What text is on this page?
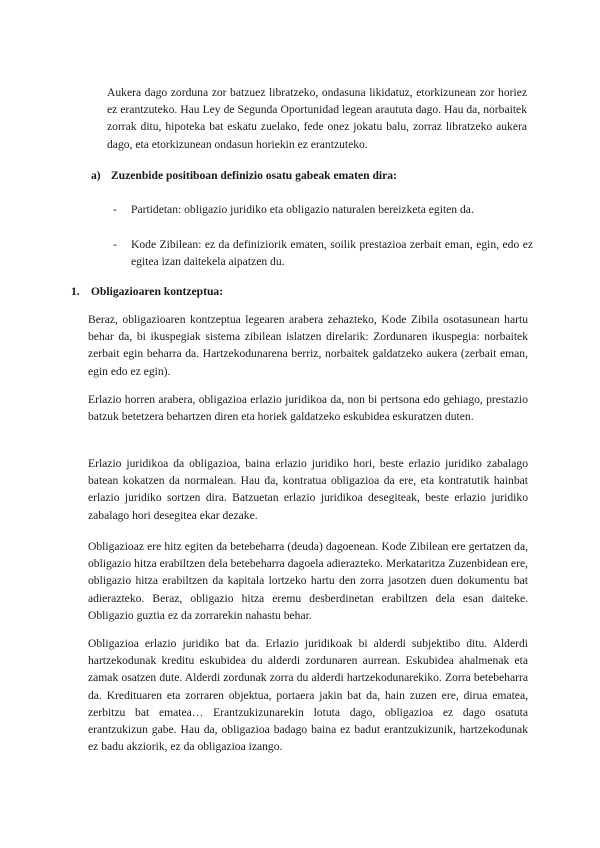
Aukera dago zorduna zor batzuez libratzeko, ondasuna likidatuz, etorkizunean zor horiez ez erantzuteko. Hau Ley de Segunda Oportunidad legean araututa dago. Hau da, norbaitek zorrak ditu, hipoteka bat eskatu zuelako, fede onez jokatu balu, zorraz libratzeko aukera dago, eta etorkizunean ondasun horiekin ez erantzuteko.

a) Zuzenbide positiboan definizio osatu gabeak ematen dira:
-	Partidetan: obligazio juridiko eta obligazio naturalen bereizketa egiten da.
-	Kode Zibilean: ez da definiziorik ematen, soilik prestazioa zerbait eman, egin, edo ez egitea izan daitekela aipatzen du.
1. Obligazioaren kontzeptua:

Beraz, obligazioaren kontzeptua legearen arabera zehazteko, Kode Zibila osotasunean hartu behar da, bi ikuspegiak sistema zibilean islatzen direlarik: Zordunaren ikuspegia: norbaitek zerbait egin beharra da. Hartzekodunarena berriz, norbaitek galdatzeko aukera (zerbait eman, egin edo ez egin).

Erlazio horren arabera, obligazioa erlazio juridikoa da, non bi pertsona edo gehiago, prestazio batzuk betetzera behartzen diren eta horiek galdatzeko eskubidea eskuratzen duten.

Erlazio juridikoa da obligazioa, baina erlazio juridiko hori, beste erlazio juridiko zabalago batean kokatzen da normalean. Hau da, kontratua obligazioa da ere, eta kontratutik hainbat erlazio juridiko sortzen dira. Batzuetan erlazio juridikoa desegiteak, beste erlazio juridiko zabalago hori desegitea ekar dezake.

Obligazioaz ere hitz egiten da betebeharra (deuda) dagoenean. Kode Zibilean ere gertatzen da, obligazio hitza erabiltzen dela betebeharra dagoela adierazteko. Merkataritza Zuzenbidean ere, obligazio hitza erabiltzen da kapitala lortzeko hartu den zorra jasotzen duen dokumentu bat adierazteko. Beraz, obligazio hitza eremu desberdinetan erabiltzen dela esan daiteke. Obligazio guztia ez da zorrarekin nahastu behar.

Obligazioa erlazio juridiko bat da. Erlazio juridikoak bi alderdi subjektibo ditu. Alderdi hartzekodunak kreditu eskubidea du alderdi zordunaren aurrean. Eskubidea ahalmenak eta zamak osatzen dute. Alderdi zordunak zorra du alderdi hartzekodunarekiko. Zorra betebeharra da. Kredituaren eta zorraren objektua, portaera jakin bat da, hain zuzen ere, dirua ematea, zerbitzu bat ematea… Erantzukizunarekin lotuta dago, obligazioa ez dago osatuta erantzukizun gabe. Hau da, obligazioa badago baina ez badut erantzukizunik, hartzekodunak ez badu akziorik, ez da obligazioa izango.
